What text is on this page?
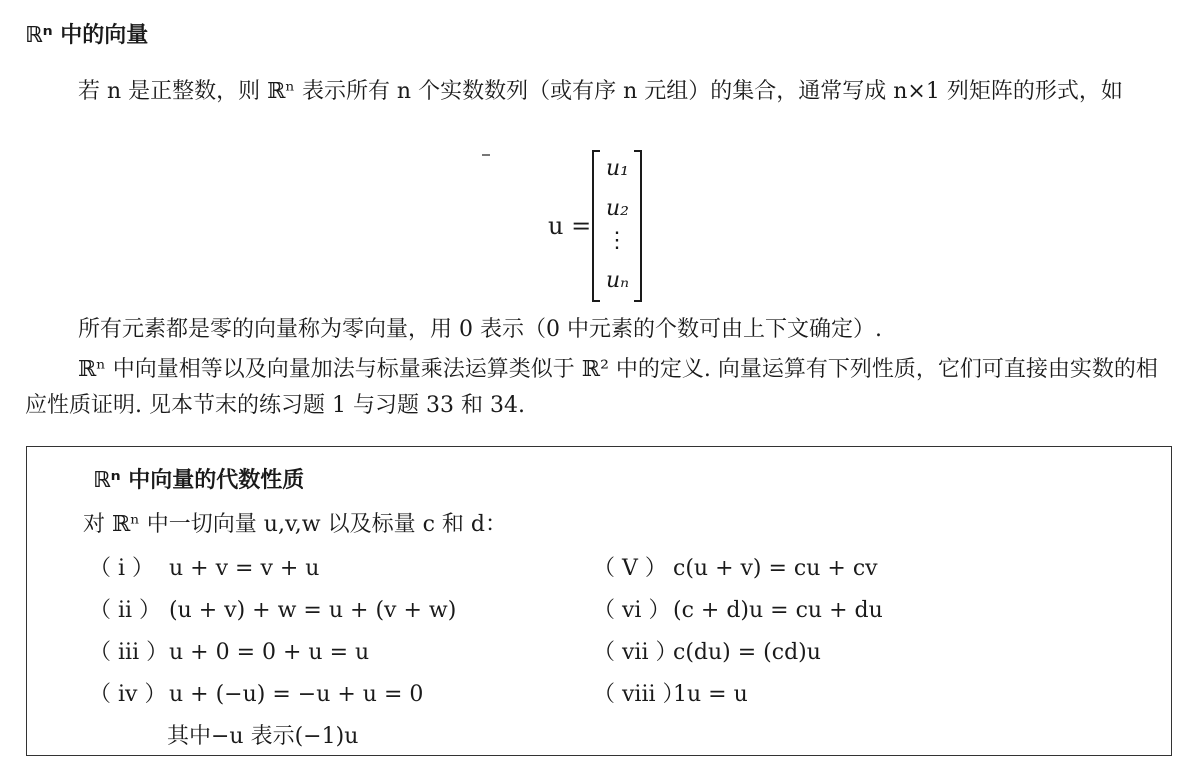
ℝⁿ 中的向量
若 n 是正整数，则 ℝⁿ 表示所有 n 个实数数列（或有序 n 元组）的集合，通常写成 n×1 列矩阵的形式，如
u =
u₁
u₂
⋮
uₙ
所有元素都是零的向量称为零向量，用 0 表示（0 中元素的个数可由上下文确定）.
ℝⁿ 中向量相等以及向量加法与标量乘法运算类似于 ℝ² 中的定义. 向量运算有下列性质，它们可直接由实数的相应性质证明. 见本节末的练习题 1 与习题 33 和 34.
ℝⁿ 中向量的代数性质
对 ℝⁿ 中一切向量 u,v,w 以及标量 c 和 d：
（ i ） u + v = v + u
（ ii ） (u + v) + w = u + (v + w)
（ iii ）u + 0 = 0 + u = u
（ iv ） u + (−u) = −u + u = 0
（ V ） c(u + v) = cu + cv
（ vi ） (c + d)u = cu + du
（ vii ）c(du) = (cd)u
（ viii ）1u = u
其中−u 表示(−1)u
